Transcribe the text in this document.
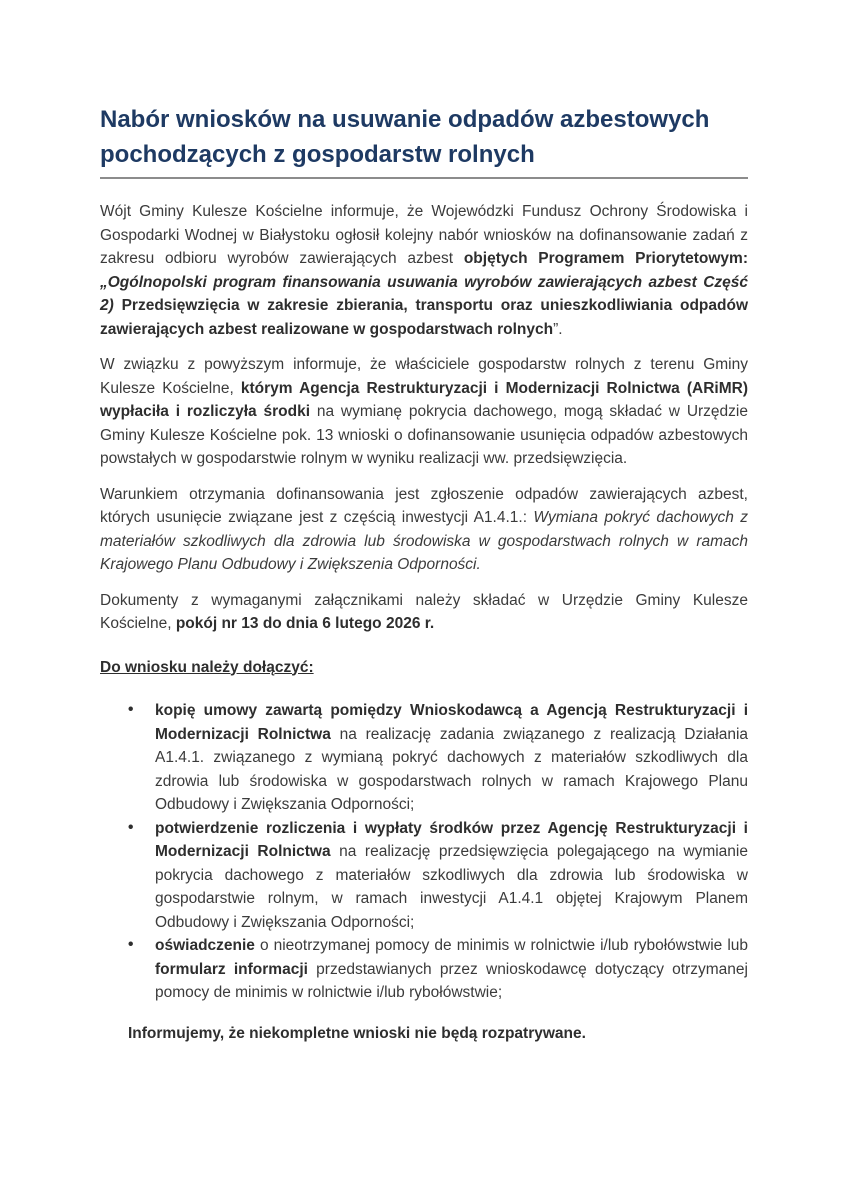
Nabór wniosków na usuwanie odpadów azbestowych pochodzących z gospodarstw rolnych

Wójt Gminy Kulesze Kościelne informuje, że Wojewódzki Fundusz Ochrony Środowiska i Gospodarki Wodnej w Białystoku ogłosił kolejny nabór wniosków na dofinansowanie zadań z zakresu odbioru wyrobów zawierających azbest objętych Programem Priorytetowym: „Ogólnopolski program finansowania usuwania wyrobów zawierających azbest Część 2) Przedsięwzięcia w zakresie zbierania, transportu oraz unieszkodliwiania odpadów zawierających azbest realizowane w gospodarstwach rolnych”.

W związku z powyższym informuje, że właściciele gospodarstw rolnych z terenu Gminy Kulesze Kościelne, którym Agencja Restrukturyzacji i Modernizacji Rolnictwa (ARiMR) wypłaciła i rozliczyła środki na wymianę pokrycia dachowego, mogą składać w Urzędzie Gminy Kulesze Kościelne pok. 13 wnioski o dofinansowanie usunięcia odpadów azbestowych powstałych w gospodarstwie rolnym w wyniku realizacji ww. przedsięwzięcia.

Warunkiem otrzymania dofinansowania jest zgłoszenie odpadów zawierających azbest, których usunięcie związane jest z częścią inwestycji A1.4.1.: Wymiana pokryć dachowych z materiałów szkodliwych dla zdrowia lub środowiska w gospodarstwach rolnych w ramach Krajowego Planu Odbudowy i Zwiększenia Odporności.

Dokumenty z wymaganymi załącznikami należy składać w Urzędzie Gminy Kulesze Kościelne, pokój nr 13 do dnia 6 lutego 2026 r.

Do wniosku należy dołączyć:

• kopię umowy zawartą pomiędzy Wnioskodawcą a Agencją Restrukturyzacji i Modernizacji Rolnictwa na realizację zadania związanego z realizacją Działania A1.4.1. związanego z wymianą pokryć dachowych z materiałów szkodliwych dla zdrowia lub środowiska w gospodarstwach rolnych w ramach Krajowego Planu Odbudowy i Zwiększania Odporności;
• potwierdzenie rozliczenia i wypłaty środków przez Agencję Restrukturyzacji i Modernizacji Rolnictwa na realizację przedsięwzięcia polegającego na wymianie pokrycia dachowego z materiałów szkodliwych dla zdrowia lub środowiska w gospodarstwie rolnym, w ramach inwestycji A1.4.1 objętej Krajowym Planem Odbudowy i Zwiększania Odporności;
• oświadczenie o nieotrzymanej pomocy de minimis w rolnictwie i/lub rybołówstwie lub formularz informacji przedstawianych przez wnioskodawcę dotyczący otrzymanej pomocy de minimis w rolnictwie i/lub rybołówstwie;

Informujemy, że niekompletne wnioski nie będą rozpatrywane.
